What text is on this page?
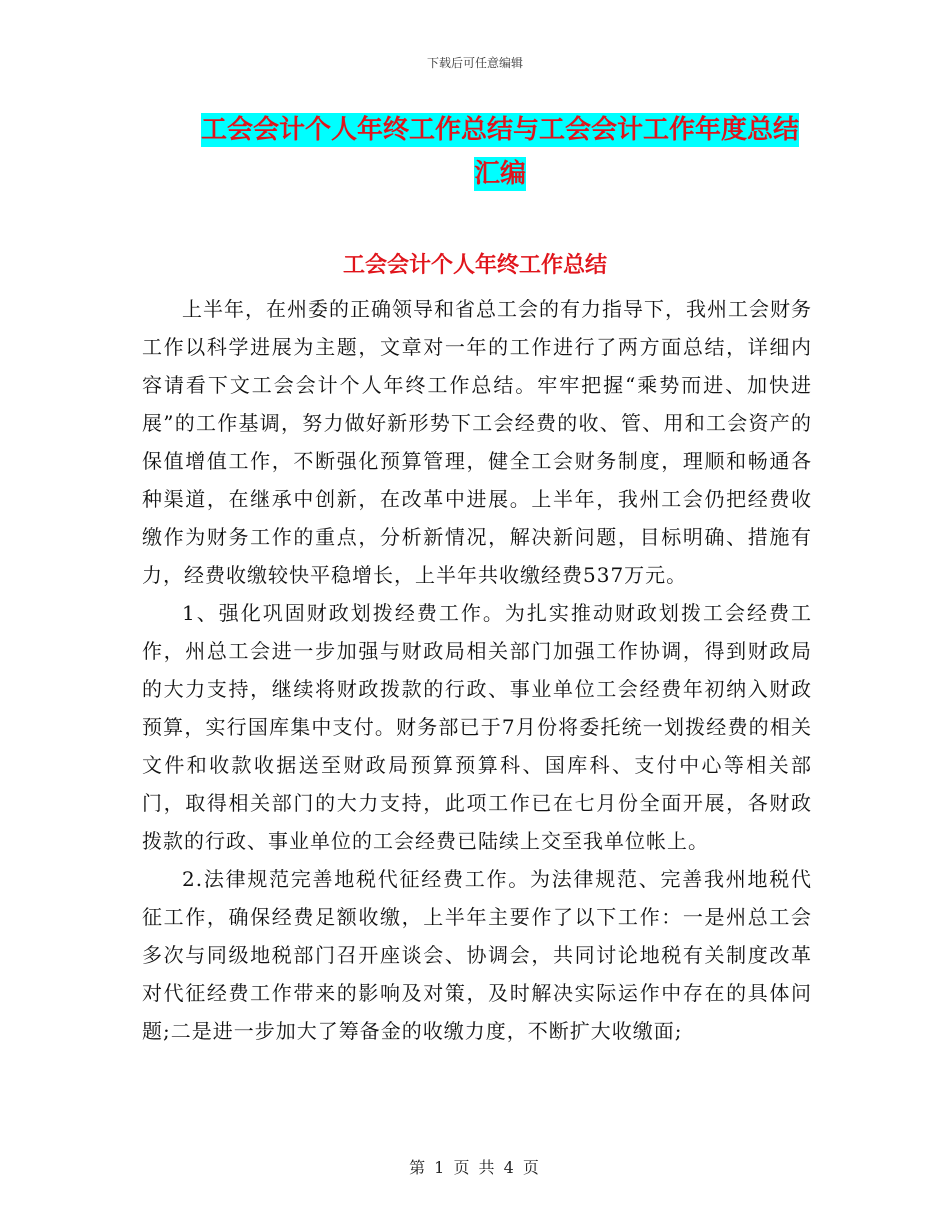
下载后可任意编辑
工会会计个人年终工作总结与工会会计工作年度总结
汇编
工会会计个人年终工作总结

上半年，在州委的正确领导和省总工会的有力指导下，我州工会财务工作以科学进展为主题，文章对一年的工作进行了两方面总结，详细内容请看下文工会会计个人年终工作总结。牢牢把握“乘势而进、加快进展”的工作基调，努力做好新形势下工会经费的收、管、用和工会资产的保值增值工作，不断强化预算管理，健全工会财务制度，理顺和畅通各种渠道，在继承中创新，在改革中进展。上半年，我州工会仍把经费收缴作为财务工作的重点，分析新情况，解决新问题，目标明确、措施有力，经费收缴较快平稳增长，上半年共收缴经费537万元。

1、强化巩固财政划拨经费工作。为扎实推动财政划拨工会经费工作，州总工会进一步加强与财政局相关部门加强工作协调，得到财政局的大力支持，继续将财政拨款的行政、事业单位工会经费年初纳入财政预算，实行国库集中支付。财务部已于7月份将委托统一划拨经费的相关文件和收款收据送至财政局预算预算科、国库科、支付中心等相关部门，取得相关部门的大力支持，此项工作已在七月份全面开展，各财政拨款的行政、事业单位的工会经费已陆续上交至我单位帐上。

2.法律规范完善地税代征经费工作。为法律规范、完善我州地税代征工作，确保经费足额收缴，上半年主要作了以下工作：一是州总工会多次与同级地税部门召开座谈会、协调会，共同讨论地税有关制度改革对代征经费工作带来的影响及对策，及时解决实际运作中存在的具体问题;二是进一步加大了筹备金的收缴力度，不断扩大收缴面;

第 1 页 共 4 页
